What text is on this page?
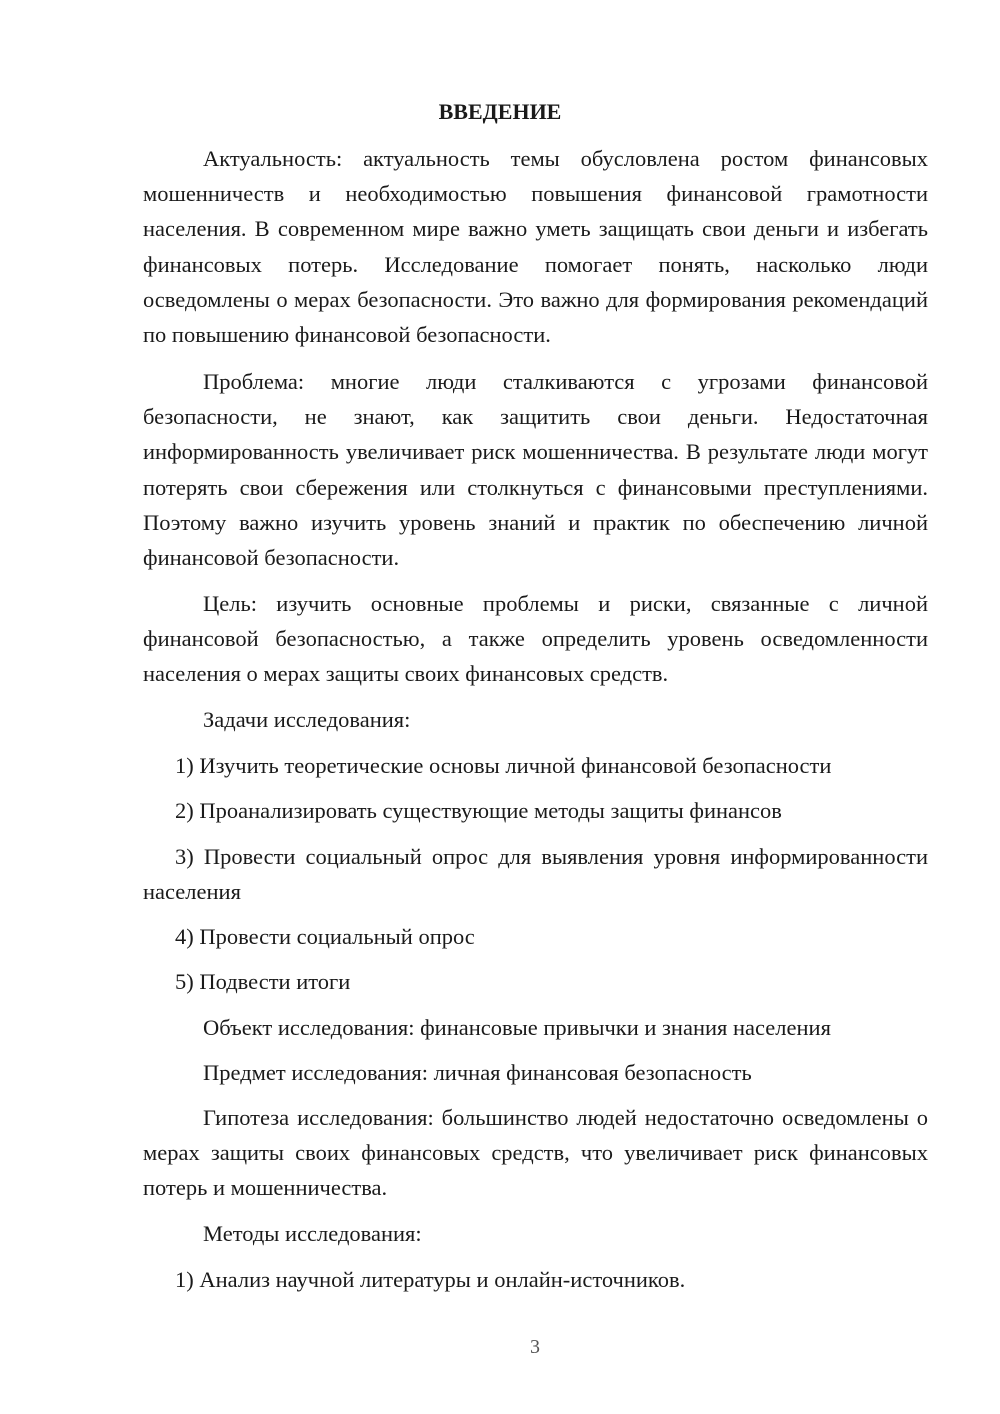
ВВЕДЕНИЕ

Актуальность: актуальность темы обусловлена ростом финансовых мошенничеств и необходимостью повышения финансовой грамотности населения. В современном мире важно уметь защищать свои деньги и избегать финансовых потерь. Исследование помогает понять, насколько люди осведомлены о мерах безопасности. Это важно для формирования рекомендаций по повышению финансовой безопасности.

Проблема: многие люди сталкиваются с угрозами финансовой безопасности, не знают, как защитить свои деньги. Недостаточная информированность увеличивает риск мошенничества. В результате люди могут потерять свои сбережения или столкнуться с финансовыми преступлениями. Поэтому важно изучить уровень знаний и практик по обеспечению личной финансовой безопасности.

Цель: изучить основные проблемы и риски, связанные с личной финансовой безопасностью, а также определить уровень осведомленности населения о мерах защиты своих финансовых средств.

Задачи исследования:

1) Изучить теоретические основы личной финансовой безопасности

2) Проанализировать существующие методы защиты финансов

3) Провести социальный опрос для выявления уровня информированности населения

4) Провести социальный опрос

5) Подвести итоги

Объект исследования: финансовые привычки и знания населения

Предмет исследования: личная финансовая безопасность

Гипотеза исследования: большинство людей недостаточно осведомлены о мерах защиты своих финансовых средств, что увеличивает риск финансовых потерь и мошенничества.

Методы исследования:

1) Анализ научной литературы и онлайн-источников.

3
